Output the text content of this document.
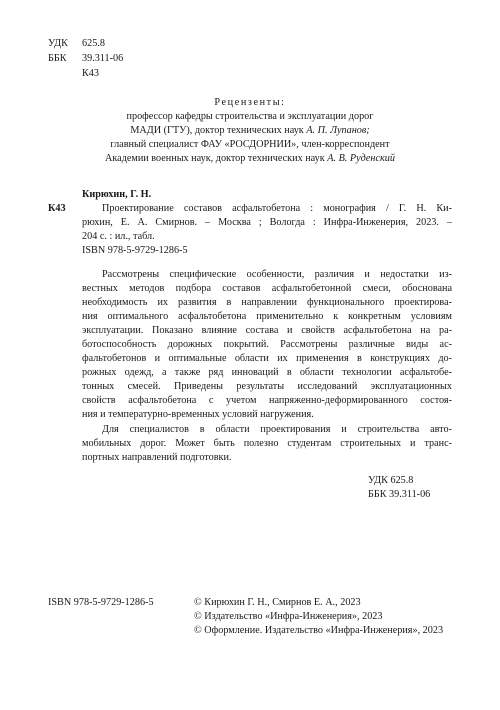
УДК 625.8
ББК 39.311-06
К43
Рецензенты:
профессор кафедры строительства и эксплуатации дорог
МАДИ (ГТУ), доктор технических наук А. П. Лупанов;
главный специалист ФАУ «РОСДОРНИИ», член-корреспондент
Академии военных наук, доктор технических наук А. В. Руденский
Кирюхин, Г. Н.
К43	Проектирование составов асфальтобетона : монография / Г. Н. Ки-
рюхин, Е. А. Смирнов. – Москва ; Вологда : Инфра-Инженерия, 2023. –
204 с. : ил., табл.
ISBN 978-5-9729-1286-5

Рассмотрены специфические особенности, различия и недостатки из-

вестных методов подбора составов асфальтобетонной смеси, обоснована

необходимость их развития в направлении функционального проектирова-

ния оптимального асфальтобетона применительно к конкретным условиям

эксплуатации. Показано влияние состава и свойств асфальтобетона на ра-

ботоспособность дорожных покрытий. Рассмотрены различные виды ас-

фальтобетонов и оптимальные области их применения в конструкциях до-

рожных одежд, а также ряд инноваций в области технологии асфальтобе-

тонных смесей. Приведены результаты исследований эксплуатационных

свойств асфальтобетона с учетом напряженно-деформированного состоя-

ния и температурно-временных условий нагружения.

Для специалистов в области проектирования и строительства авто-

мобильных дорог. Может быть полезно студентам строительных и транс-

портных направлений подготовки.

УДК 625.8
ББК 39.311-06
ISBN 978-5-9729-1286-5	© Кирюхин Г. Н., Смирнов Е. А., 2023
© Издательство «Инфра-Инженерия», 2023
© Оформление. Издательство «Инфра-Инженерия», 2023
